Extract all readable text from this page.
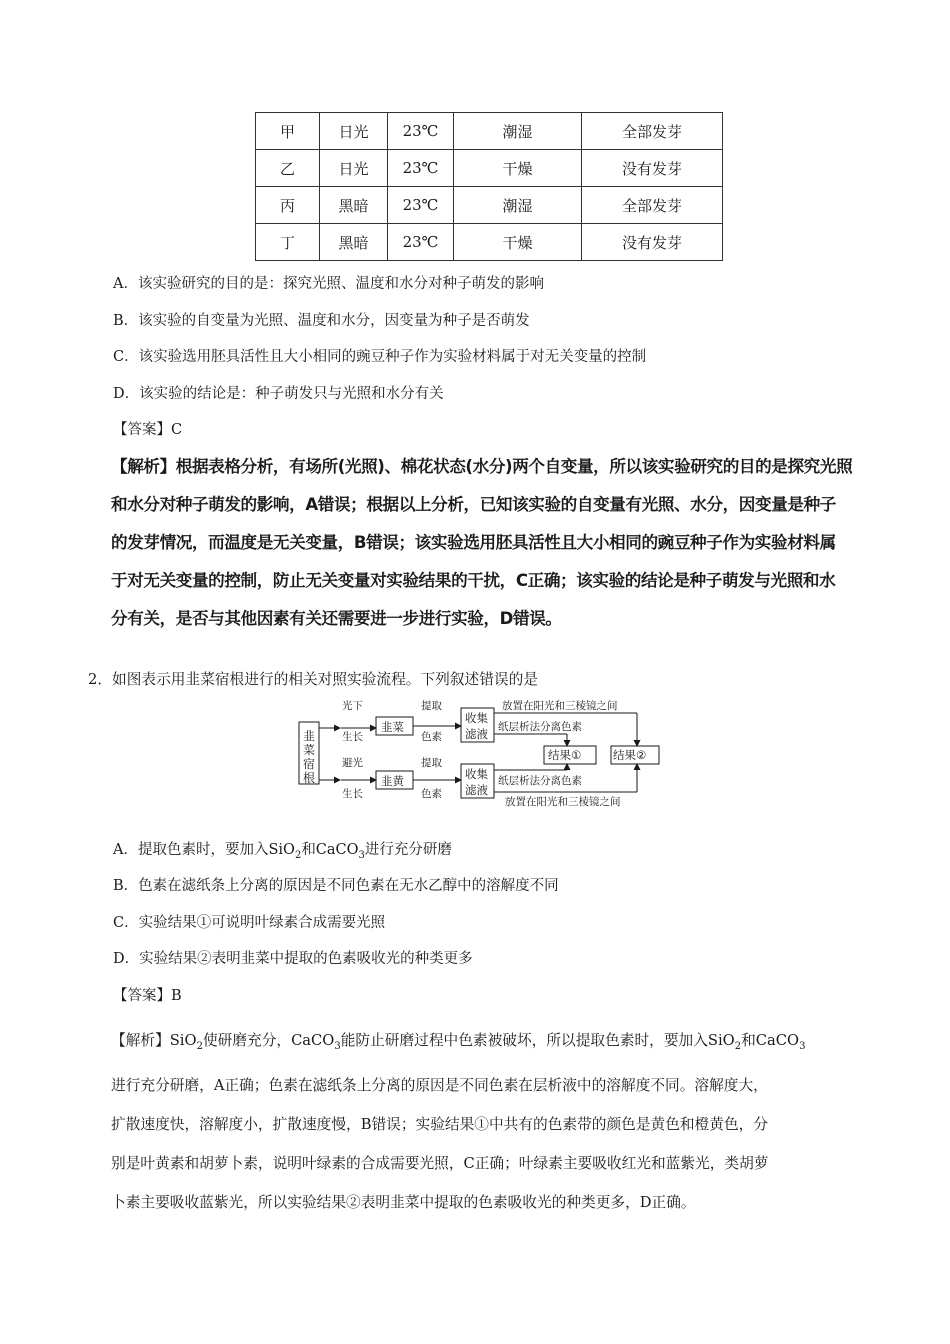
甲	日光	23℃	潮湿	全部发芽
乙	日光	23℃	干燥	没有发芽
丙	黑暗	23℃	潮湿	全部发芽
丁	黑暗	23℃	干燥	没有发芽
A．该实验研究的目的是：探究光照、温度和水分对种子萌发的影响
B．该实验的自变量为光照、温度和水分，因变量为种子是否萌发
C．该实验选用胚具活性且大小相同的豌豆种子作为实验材料属于对无关变量的控制
D．该实验的结论是：种子萌发只与光照和水分有关
【答案】C
【解析】根据表格分析，有场所(光照)、棉花状态(水分)两个自变量，所以该实验研究的目的是探究光照
和水分对种子萌发的影响，A错误；根据以上分析，已知该实验的自变量有光照、水分，因变量是种子
的发芽情况，而温度是无关变量，B错误；该实验选用胚具活性且大小相同的豌豆种子作为实验材料属
于对无关变量的控制，防止无关变量对实验结果的干扰，C正确；该实验的结论是种子萌发与光照和水
分有关，是否与其他因素有关还需要进一步进行实验，D错误。
2．如图表示用韭菜宿根进行的相关对照实验流程。下列叙述错误的是
韭
菜
宿
根
光下
生长
韭菜
提取
色素
收集
滤液
放置在阳光和三棱镜之间
纸层析法分离色素
结果①	结果②
避光
生长
韭黄
提取
色素
收集
滤液
纸层析法分离色素
放置在阳光和三棱镜之间
A．提取色素时，要加入SiO$_2$和CaCO$_3$进行充分研磨
B．色素在滤纸条上分离的原因是不同色素在无水乙醇中的溶解度不同
C．实验结果①可说明叶绿素合成需要光照
D．实验结果②表明韭菜中提取的色素吸收光的种类更多
【答案】B
【解析】SiO$_2$使研磨充分，CaCO$_3$能防止研磨过程中色素被破坏，所以提取色素时，要加入SiO$_2$和CaCO$_3$
进行充分研磨，A正确；色素在滤纸条上分离的原因是不同色素在层析液中的溶解度不同。溶解度大，
扩散速度快，溶解度小，扩散速度慢，B错误；实验结果①中共有的色素带的颜色是黄色和橙黄色，分
别是叶黄素和胡萝卜素，说明叶绿素的合成需要光照，C正确；叶绿素主要吸收红光和蓝紫光，类胡萝
卜素主要吸收蓝紫光，所以实验结果②表明韭菜中提取的色素吸收光的种类更多，D正确。
